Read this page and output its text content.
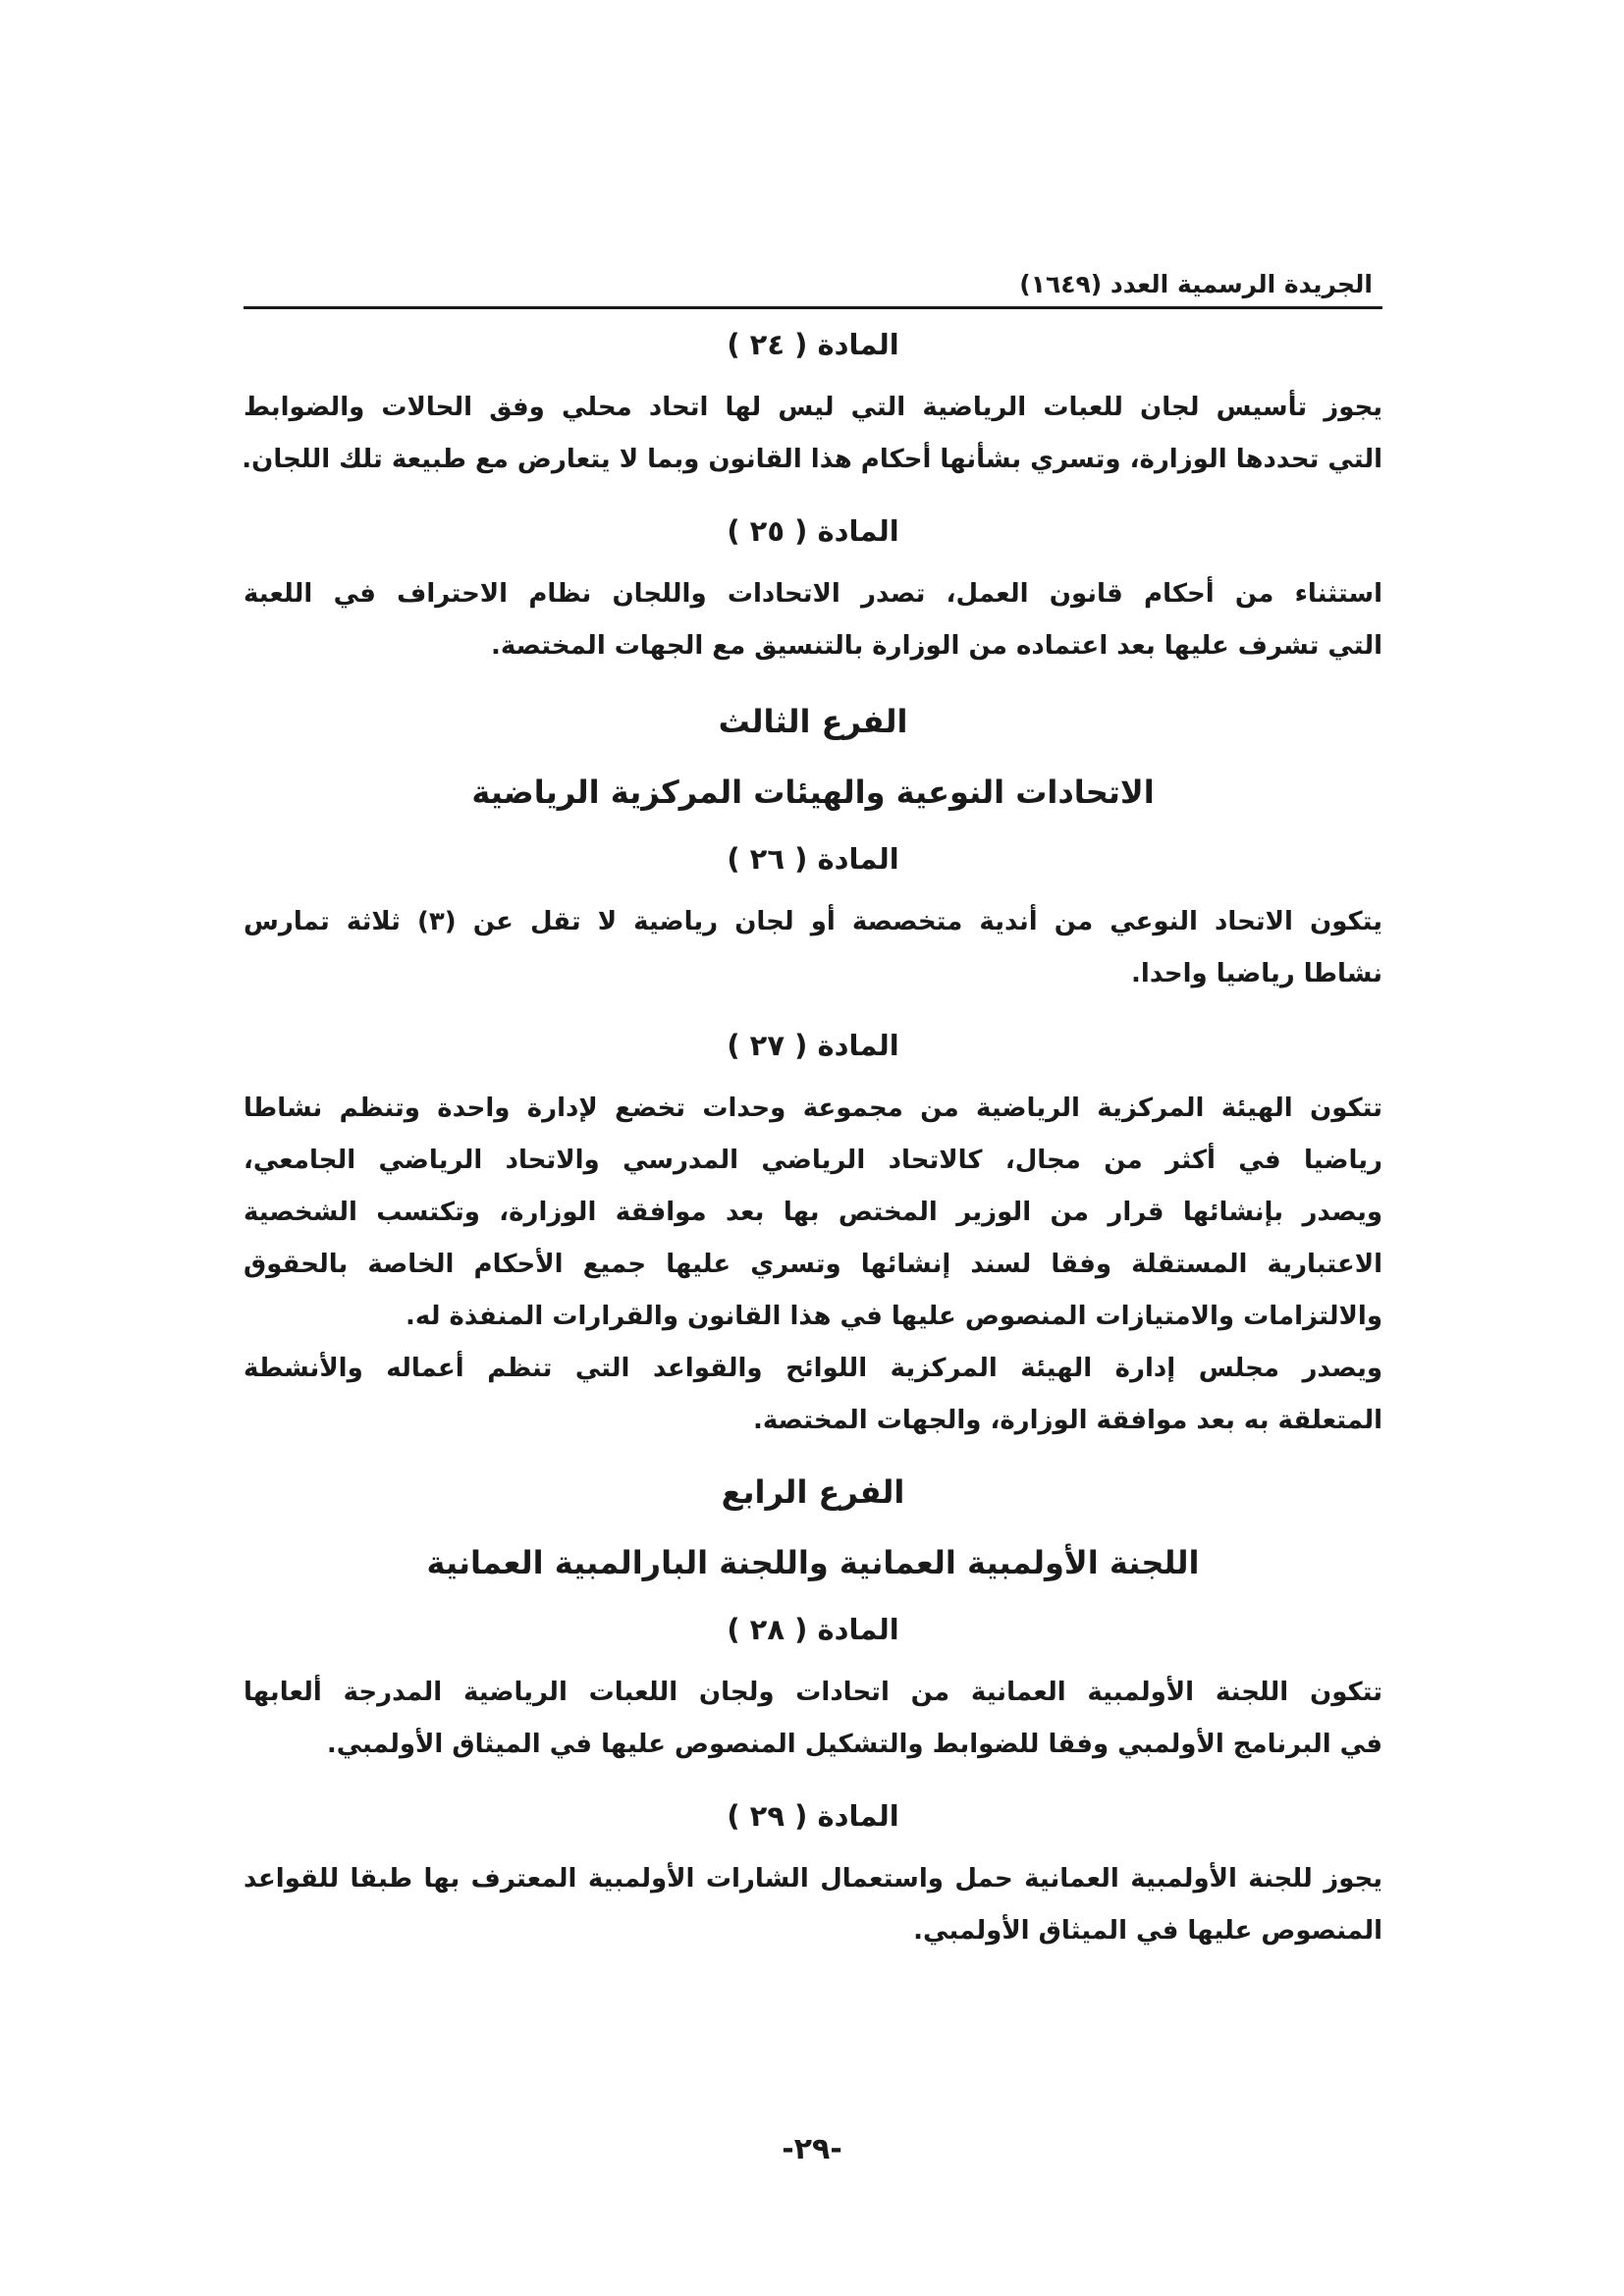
الجريدة الرسمية العدد (١٦٤٩)
المادة ( ٢٤ )
يجوز تأسيس لجان للعبات الرياضية التي ليس لها اتحاد محلي وفق الحالات والضوابط
التي تحددها الوزارة، وتسري بشأنها أحكام هذا القانون وبما لا يتعارض مع طبيعة تلك اللجان.
المادة ( ٢٥ )
استثناء من أحكام قانون العمل، تصدر الاتحادات واللجان نظام الاحتراف في اللعبة
التي تشرف عليها بعد اعتماده من الوزارة بالتنسيق مع الجهات المختصة.
الفرع الثالث
الاتحادات النوعية والهيئات المركزية الرياضية
المادة ( ٢٦ )
يتكون الاتحاد النوعي من أندية متخصصة أو لجان رياضية لا تقل عن (٣) ثلاثة تمارس
نشاطا رياضيا واحدا.
المادة ( ٢٧ )
تتكون الهيئة المركزية الرياضية من مجموعة وحدات تخضع لإدارة واحدة وتنظم نشاطا
رياضيا في أكثر من مجال، كالاتحاد الرياضي المدرسي والاتحاد الرياضي الجامعي،
ويصدر بإنشائها قرار من الوزير المختص بها بعد موافقة الوزارة، وتكتسب الشخصية
الاعتبارية المستقلة وفقا لسند إنشائها وتسري عليها جميع الأحكام الخاصة بالحقوق
والالتزامات والامتيازات المنصوص عليها في هذا القانون والقرارات المنفذة له.
ويصدر مجلس إدارة الهيئة المركزية اللوائح والقواعد التي تنظم أعماله والأنشطة
المتعلقة به بعد موافقة الوزارة، والجهات المختصة.
الفرع الرابع
اللجنة الأولمبية العمانية واللجنة البارالمبية العمانية
المادة ( ٢٨ )
تتكون اللجنة الأولمبية العمانية من اتحادات ولجان اللعبات الرياضية المدرجة ألعابها
في البرنامج الأولمبي وفقا للضوابط والتشكيل المنصوص عليها في الميثاق الأولمبي.
المادة ( ٢٩ )
يجوز للجنة الأولمبية العمانية حمل واستعمال الشارات الأولمبية المعترف بها طبقا للقواعد
المنصوص عليها في الميثاق الأولمبي.
-٢٩-
